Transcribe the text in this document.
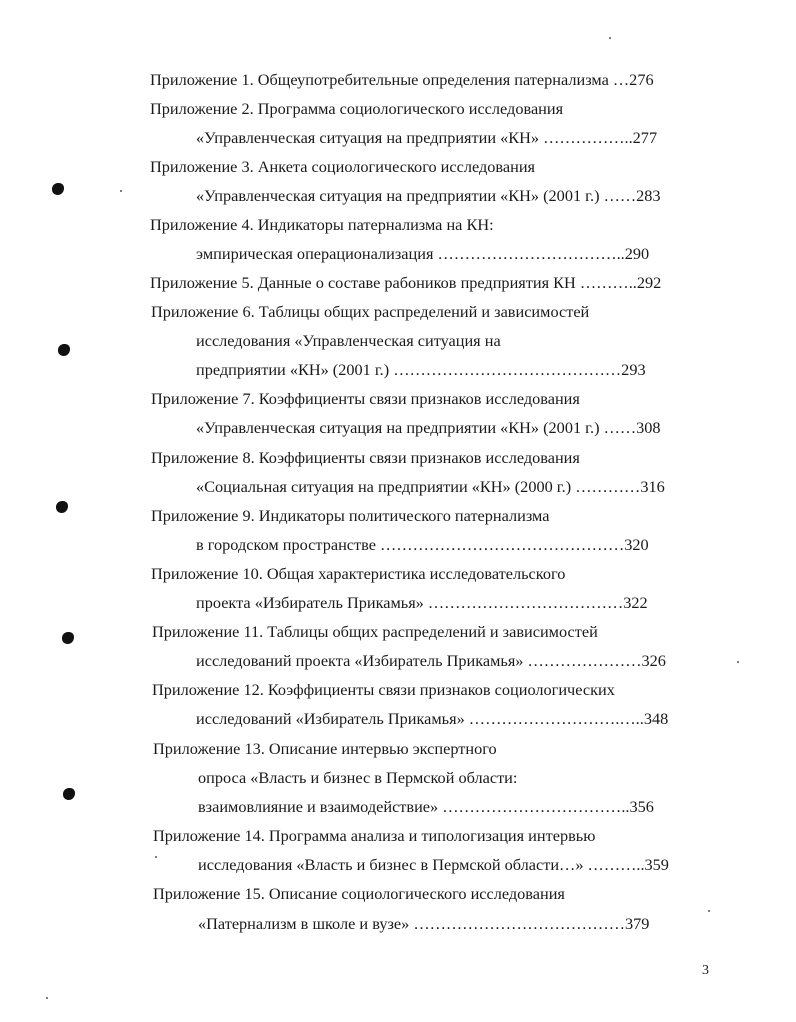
Приложение 1. Общеупотребительные определения патернализма …276
Приложение 2. Программа социологического исследования
«Управленческая ситуация на предприятии «КН» ……………..277
Приложение 3. Анкета социологического исследования
«Управленческая ситуация на предприятии «КН» (2001 г.) ……283
Приложение 4. Индикаторы патернализма на КН:
эмпирическая операционализация ……………………………..290
Приложение 5. Данные о составе рабоников предприятия КН ………..292
Приложение 6. Таблицы общих распределений и зависимостей
исследования «Управленческая ситуация на
предприятии «КН» (2001 г.) ……………………………………293
Приложение 7. Коэффициенты связи признаков исследования
«Управленческая ситуация на предприятии «КН» (2001 г.) ……308
Приложение 8. Коэффициенты связи признаков исследования
«Социальная ситуация на предприятии «КН» (2000 г.) …………316
Приложение 9. Индикаторы политического патернализма
в городском пространстве ………………………………………320
Приложение 10. Общая характеристика исследовательского
проекта «Избиратель Прикамья» ………………………………322
Приложение 11. Таблицы общих распределений и зависимостей
исследований проекта «Избиратель Прикамья» …………………326
Приложение 12. Коэффициенты связи признаков социологических
исследований «Избиратель Прикамья» ……………………….…..348
Приложение 13. Описание интервью экспертного
опроса «Власть и бизнес в Пермской области:
взаимовлияние и взаимодействие» ……………………………..356
Приложение 14. Программа анализа и типологизация интервью
исследования «Власть и бизнес в Пермской области…» ………..359
Приложение 15. Описание социологического исследования
«Патернализм в школе и вузе» …………………………………379
3
